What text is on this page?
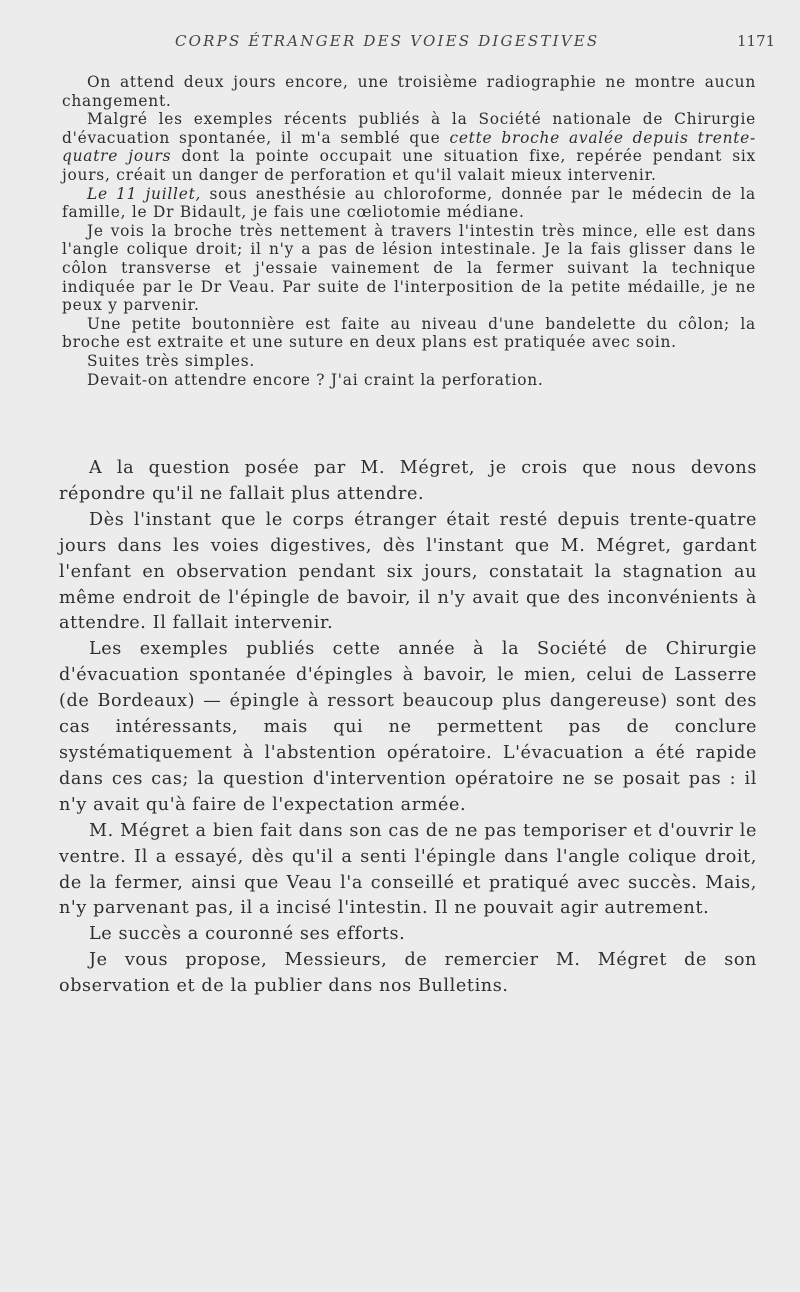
CORPS ÉTRANGER DES VOIES DIGESTIVES	1171

On attend deux jours encore, une troisième radiographie ne montre aucun changement.

Malgré les exemples récents publiés à la Société nationale de Chirurgie d'évacuation spontanée, il m'a semblé que cette broche avalée depuis trente-quatre jours dont la pointe occupait une situation fixe, repérée pendant six jours, créait un danger de perforation et qu'il valait mieux intervenir.

Le 11 juillet, sous anesthésie au chloroforme, donnée par le médecin de la famille, le Dr Bidault, je fais une cœliotomie médiane.

Je vois la broche très nettement à travers l'intestin très mince, elle est dans l'angle colique droit; il n'y a pas de lésion intestinale. Je la fais glisser dans le côlon transverse et j'essaie vainement de la fermer suivant la technique indiquée par le Dr Veau. Par suite de l'interposition de la petite médaille, je ne peux y parvenir.

Une petite boutonnière est faite au niveau d'une bandelette du côlon; la broche est extraite et une suture en deux plans est pratiquée avec soin.

Suites très simples.

Devait-on attendre encore ? J'ai craint la perforation.

A la question posée par M. Mégret, je crois que nous devons répondre qu'il ne fallait plus attendre.

Dès l'instant que le corps étranger était resté depuis trente-quatre jours dans les voies digestives, dès l'instant que M. Mégret, gardant l'enfant en observation pendant six jours, constatait la stagnation au même endroit de l'épingle de bavoir, il n'y avait que des inconvénients à attendre. Il fallait intervenir.

Les exemples publiés cette année à la Société de Chirurgie d'évacuation spontanée d'épingles à bavoir, le mien, celui de Lasserre (de Bordeaux) — épingle à ressort beaucoup plus dangereuse) sont des cas intéressants, mais qui ne permettent pas de conclure systématiquement à l'abstention opératoire. L'évacuation a été rapide dans ces cas; la question d'intervention opératoire ne se posait pas : il n'y avait qu'à faire de l'expectation armée.

M. Mégret a bien fait dans son cas de ne pas temporiser et d'ouvrir le ventre. Il a essayé, dès qu'il a senti l'épingle dans l'angle colique droit, de la fermer, ainsi que Veau l'a conseillé et pratiqué avec succès. Mais, n'y parvenant pas, il a incisé l'intestin. Il ne pouvait agir autrement.

Le succès a couronné ses efforts.

Je vous propose, Messieurs, de remercier M. Mégret de son observation et de la publier dans nos Bulletins.
